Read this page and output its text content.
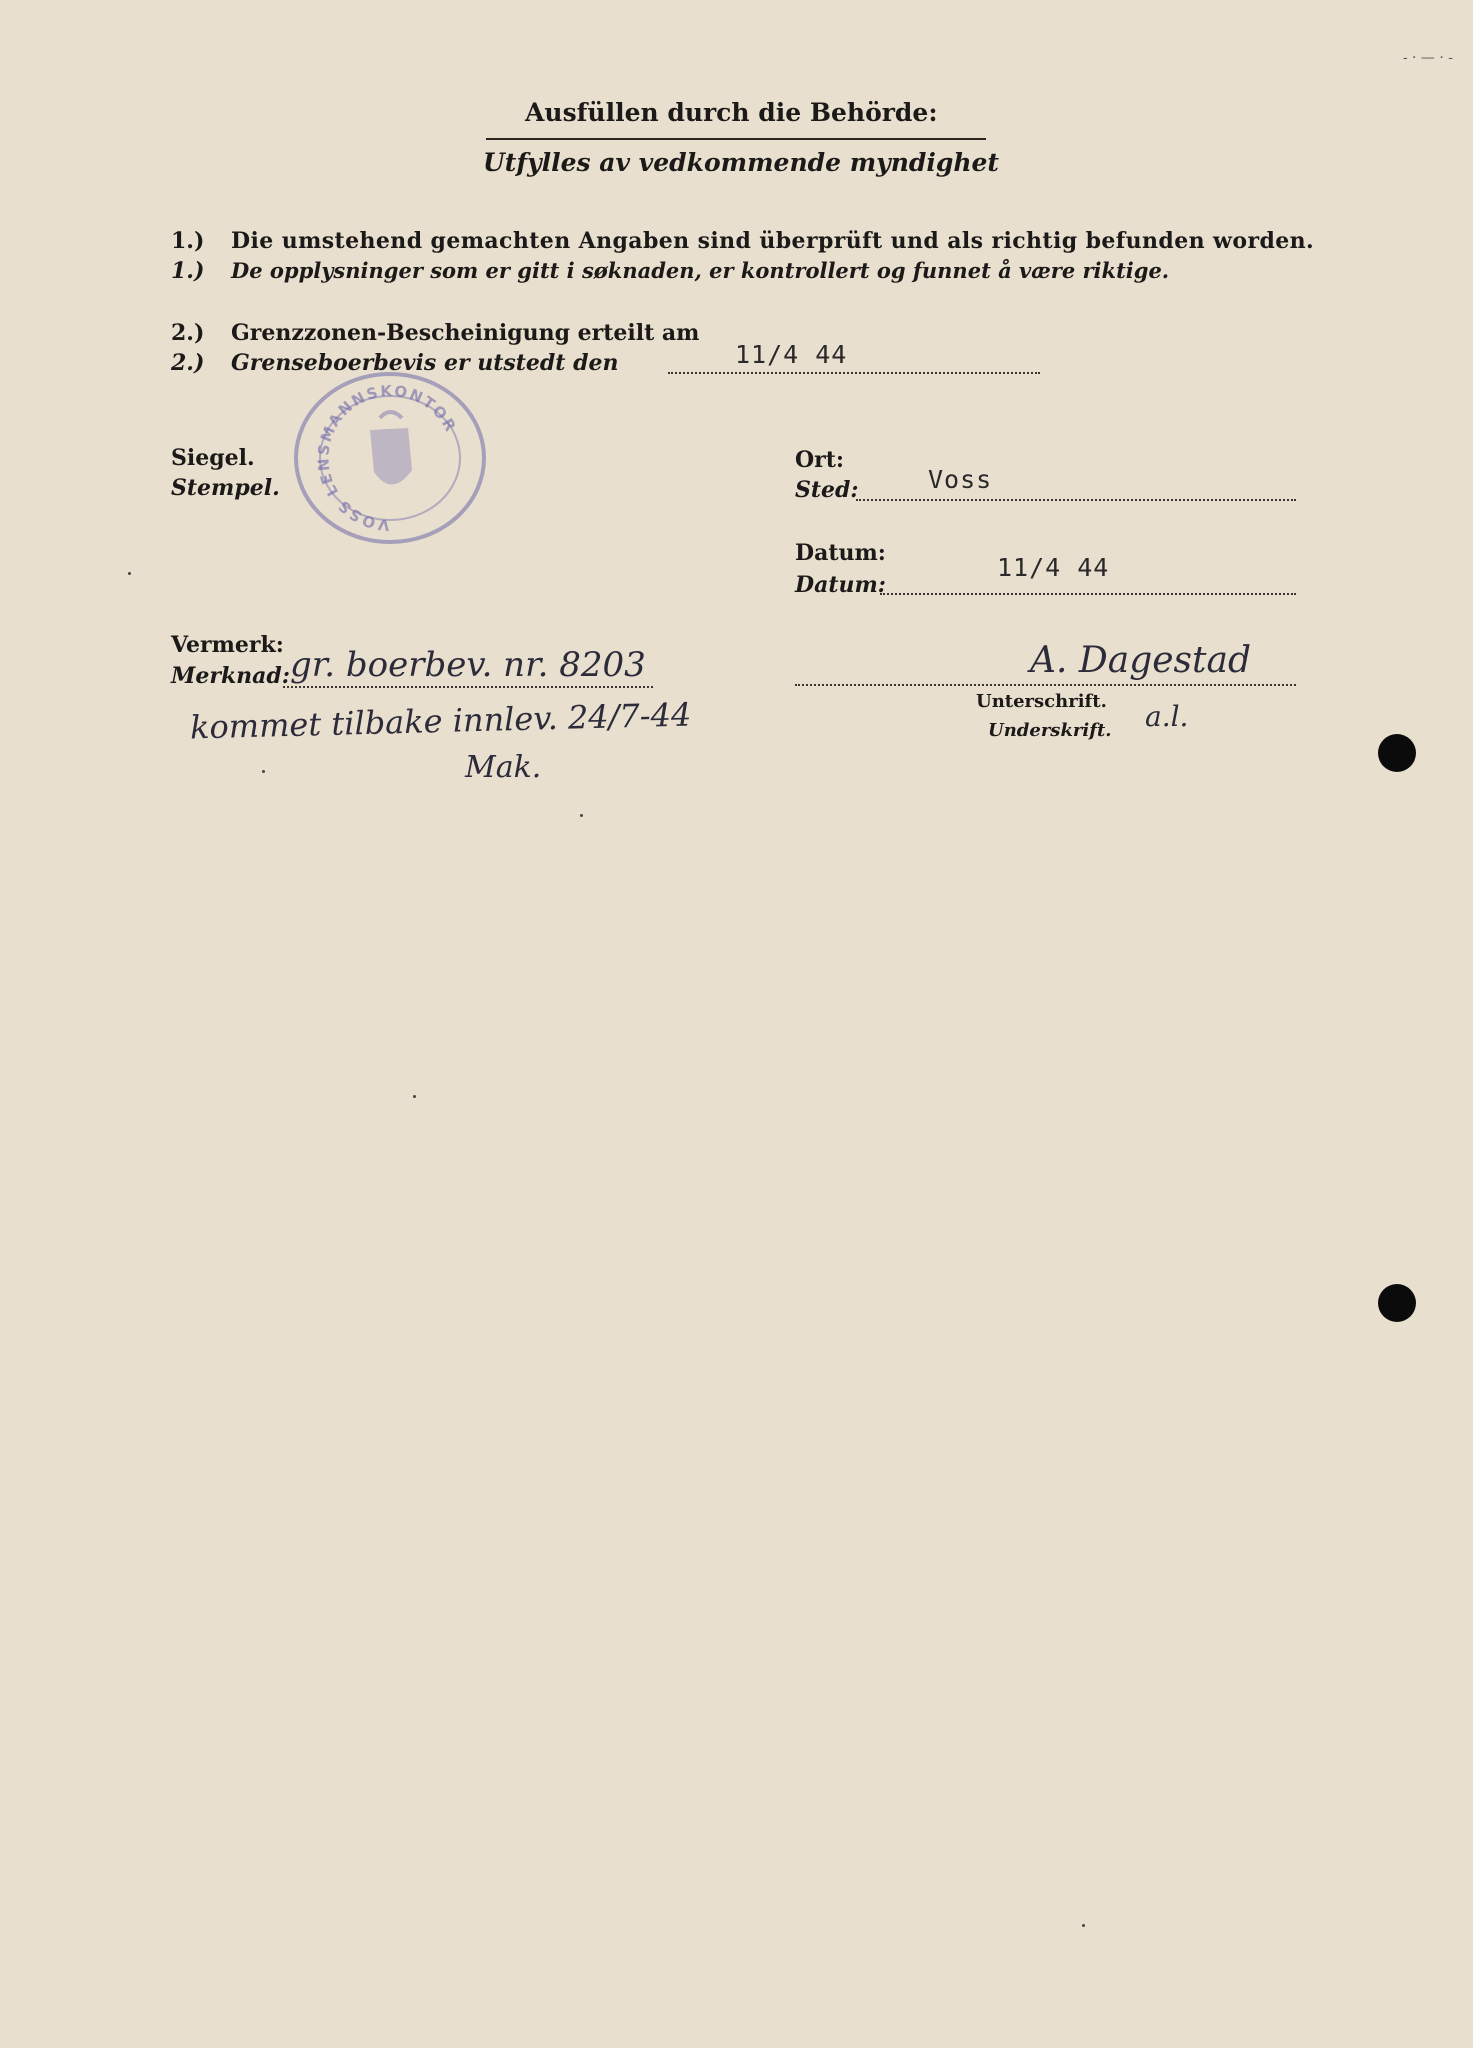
- · — · -
Ausfüllen durch die Behörde:
Utfylles av vedkommende myndighet
1.) Die umstehend gemachten Angaben sind überprüft und als richtig befunden worden.
1.) De opplysninger som er gitt i søknaden, er kontrollert og funnet å være riktige.
2.) Grenzzonen-Bescheinigung erteilt am
2.) Grenseboerbevis er utstedt den	11/4 44
Siegel.
Stempel.
VOSS LENSMANNSKONTOR
Ort:
Sted:	Voss
Datum:
Datum:
11/4 44
Vermerk:
Merknad: gr. boerbev. nr. 8203
kommet tilbake innlev. 24/7-44
Mak.
A. Dagestad
Unterschrift.
Underskrift. a.l.
